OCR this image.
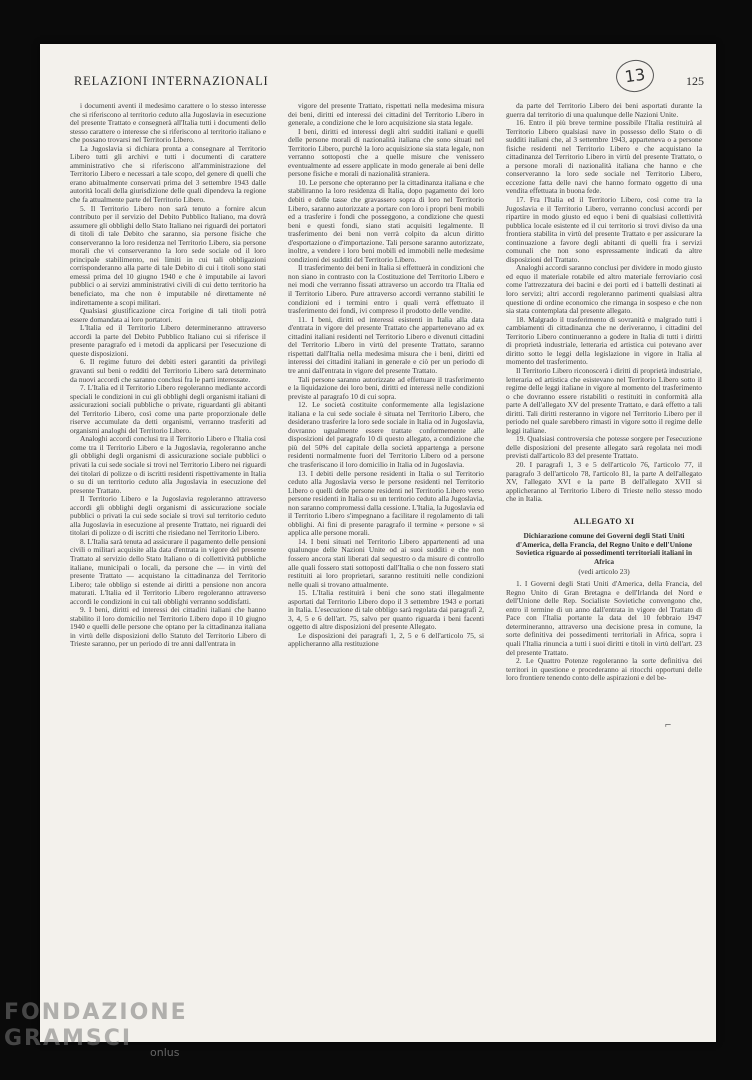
RELAZIONI INTERNAZIONALI	13	125

i documenti aventi il medesimo carattere o lo stesso interesse che si riferiscono al territorio ceduto alla Jugoslavia in esecuzione del presente Trattato e consegnerà all'Italia tutti i documenti dello stesso carattere o interesse che si riferiscono al territorio italiano e che possano trovarsi nel Territorio Libero.

La Jugoslavia si dichiara pronta a consegnare al Territorio Libero tutti gli archivi e tutti i documenti di carattere amministrativo che si riferiscono all'amministrazione del Territorio Libero e necessari a tale scopo, del genere di quelli che erano abitualmente conservati prima del 3 settembre 1943 dalle autorità locali della giurisdizione delle quali dipendeva la regione che fa attualmente parte del Territorio Libero.

5. Il Territorio Libero non sarà tenuto a fornire alcun contributo per il servizio del Debito Pubblico Italiano, ma dovrà assumere gli obblighi dello Stato Italiano nei riguardi dei portatori di titoli di tale Debito che saranno, sia persone fisiche che conserveranno la loro residenza nel Territorio Libero, sia persone morali che vi conserveranno la loro sede sociale od il loro principale stabilimento, nei limiti in cui tali obbligazioni corrisponderanno alla parte di tale Debito di cui i titoli sono stati emessi prima del 10 giugno 1940 e che è imputabile ai lavori pubblici o ai servizi amministrativi civili di cui detto territorio ha beneficiato, ma che non è imputabile né direttamente né indirettamente a scopi militari.

Qualsiasi giustificazione circa l'origine di tali titoli potrà essere domandata ai loro portatori.

L'Italia ed il Territorio Libero determineranno attraverso accordi la parte del Debito Pubblico Italiano cui si riferisce il presente paragrafo ed i metodi da applicarsi per l'esecuzione di queste disposizioni.

6. Il regime futuro dei debiti esteri garantiti da privilegi gravanti sul beni o redditi del Territorio Libero sarà determinato da nuovi accordi che saranno conclusi fra le parti interessate.

7. L'Italia ed il Territorio Libero regoleranno mediante accordi speciali le condizioni in cui gli obblighi degli organismi italiani di assicurazioni sociali pubbliche o private, riguardanti gli abitanti del Territorio Libero, così come una parte proporzionale delle riserve accumulate da detti organismi, verranno trasferiti ad organismi analoghi del Territorio Libero.

Analoghi accordi conclusi tra il Territorio Libero e l'Italia così come tra il Territorio Libero e la Jugoslavia, regoleranno anche gli obblighi degli organismi di assicurazione sociale pubblici o privati la cui sede sociale si trovi nel Territorio Libero nei riguardi dei titolari di polizze o di iscritti residenti rispettivamente in Italia o su di un territorio ceduto alla Jugoslavia in esecuzione del presente Trattato.

Il Territorio Libero e la Jugoslavia regoleranno attraverso accordi gli obblighi degli organismi di assicurazione sociale pubblici o privati la cui sede sociale si trovi sul territorio ceduto alla Jugoslavia in esecuzione al presente Trattato, nei riguardi dei titolari di polizze o di iscritti che risiedano nel Territorio Libero.

8. L'Italia sarà tenuta ad assicurare il pagamento delle pensioni civili o militari acquisite alla data d'entrata in vigore del presente Trattato al servizio dello Stato Italiano o di collettività pubbliche italiane, municipali o locali, da persone che — in virtù del presente Trattato — acquistano la cittadinanza del Territorio Libero; tale obbligo si estende ai diritti a pensione non ancora maturati. L'Italia ed il Territorio Libero regoleranno attraverso accordi le condizioni in cui tali obblighi verranno soddisfatti.

9. I beni, diritti ed interessi dei cittadini italiani che hanno stabilito il loro domicilio nel Territorio Libero dopo il 10 giugno 1940 e quelli delle persone che optano per la cittadinanza italiana in virtù delle disposizioni dello Statuto del Territorio Libero di Trieste saranno, per un periodo di tre anni dall'entrata in

vigore del presente Trattato, rispettati nella medesima misura dei beni, diritti ed interessi dei cittadini del Territorio Libero in generale, a condizione che le loro acquisizione sia stata legale.

I beni, diritti ed interessi degli altri sudditi italiani e quelli delle persone morali di nazionalità italiana che sono situati nel Territorio Libero, purchè la loro acquisizione sia stata legale, non verranno sottoposti che a quelle misure che venissero eventualmente ad essere applicate in modo generale ai beni delle persone fisiche e morali di nazionalità straniera.

10. Le persone che opteranno per la cittadinanza italiana e che stabiliranno la loro residenza di Italia, dopo pagamento dei loro debiti e delle tasse che gravassero sopra di loro nel Territorio Libero, saranno autorizzate a portare con loro i propri beni mobili ed a trasferire i fondi che posseggono, a condizione che questi beni e questi fondi, siano stati acquisiti legalmente. Il trasferimento dei beni non verrà colpito da alcun diritto d'esportazione o d'importazione. Tali persone saranno autorizzate, inoltre, a vendere i loro beni mobili ed immobili nelle medesime condizioni dei sudditi del Territorio Libero.

Il trasferimento dei beni in Italia si effettuerà in condizioni che non siano in contrasto con la Costituzione del Territorio Libero e nei modi che verranno fissati attraverso un accordo tra l'Italia ed il Territorio Libero. Pure attraverso accordi verranno stabiliti le condizioni ed i termini entro i quali verrà effettuato il trasferimento dei fondi, ivi compreso il prodotto delle vendite.

11. I beni, diritti ed interessi esistenti in Italia alla data d'entrata in vigore del presente Trattato che appartenevano ad ex cittadini italiani residenti nel Territorio Libero e divenuti cittadini del Territorio Libero in virtù del presente Trattato, saranno rispettati dall'Italia nella medesima misura che i beni, diritti ed interessi dei cittadini italiani in generale e ciò per un periodo di tre anni dall'entrata in vigore del presente Trattato.

Tali persone saranno autorizzate ad effettuare il trasferimento e la liquidazione dei loro beni, diritti ed interessi nelle condizioni previste al paragrafo 10 di cui sopra.

12. Le società costituite conformemente alla legislazione italiana e la cui sede sociale è situata nel Territorio Libero, che desiderano trasferire la loro sede sociale in Italia od in Jugoslavia, dovranno ugualmente essere trattate conformemente alle disposizioni del paragrafo 10 di questo allegato, a condizione che più del 50% del capitale della società appartenga a persone residenti normalmente fuori del Territorio Libero od a persone che trasferiscano il loro domicilio in Italia od in Jugoslavia.

13. I debiti delle persone residenti in Italia o sul Territorio ceduto alla Jugoslavia verso le persone residenti nel Territorio Libero o quelli delle persone residenti nel Territorio Libero verso persone residenti in Italia o su un territorio ceduto alla Jugoslavia, non saranno compromessi dalla cessione. L'Italia, la Jugoslavia ed il Territorio Libero s'impegnano a facilitare il regolamento di tali obblighi. Ai fini di presente paragrafo il termine « persone » si applica alle persone morali.

14. I beni situati nel Territorio Libero appartenenti ad una qualunque delle Nazioni Unite od ai suoi sudditi e che non fossero ancora stati liberati dal sequestro o da misure di controllo alle quali fossero stati sottoposti dall'Italia o che non fossero stati restituiti ai loro proprietari, saranno restituiti nelle condizioni nelle quali si trovano attualmente.

15. L'Italia restituirà i beni che sono stati illegalmente asportati dal Territorio Libero dopo il 3 settembre 1943 e portati in Italia. L'esecuzione di tale obbligo sarà regolata dai paragrafi 2, 3, 4, 5 e 6 dell'art. 75, salvo per quanto riguarda i beni facenti oggetto di altre disposizioni del presente Allegato.

Le disposizioni dei paragrafi 1, 2, 5 e 6 dell'articolo 75, si applicheranno alla restituzione

da parte del Territorio Libero dei beni asportati durante la guerra dal territorio di una qualunque delle Nazioni Unite.

16. Entro il più breve termine possibile l'Italia restituirà al Territorio Libero qualsiasi nave in possesso dello Stato o di sudditi italiani che, al 3 settembre 1943, apparteneva o a persone fisiche residenti nel Territorio Libero e che acquistano la cittadinanza del Territorio Libero in virtù del presente Trattato, o a persone morali di nazionalità italiana che hanno e che conserveranno la loro sede sociale nel Territorio Libero, eccezione fatta delle navi che hanno formato oggetto di una vendita effettuata in buona fede.

17. Fra l'Italia ed il Territorio Libero, così come tra la Jugoslavia e il Territorio Libero, verranno conclusi accordi per ripartire in modo giusto ed equo i beni di qualsiasi collettività pubblica locale esistente ed il cui territorio si trovi diviso da una frontiera stabilita in virtù del presente Trattato e per assicurare la continuazione a favore degli abitanti di quelli fra i servizi comunali che non sono espressamente indicati da altre disposizioni del Trattato.

Analoghi accordi saranno conclusi per dividere in modo giusto ed equo il materiale rotabile ed altro materiale ferroviario così come l'attrezzatura dei bacini e dei porti ed i battelli destinati ai loro servizi; altri accordi regoleranno parimenti qualsiasi altra questione di ordine economico che rimanga in sospeso e che non sia stata contemplata dal presente allegato.

18. Malgrado il trasferimento di sovranità e malgrado tutti i cambiamenti di cittadinanza che ne deriveranno, i cittadini del Territorio Libero continueranno a godere in Italia di tutti i diritti di proprietà industriale, letteraria ed artistica cui potevano aver diritto sotto le leggi della legislazione in vigore in Italia al momento del trasferimento.

Il Territorio Libero riconoscerà i diritti di proprietà industriale, letteraria ed artistica che esistevano nel Territorio Libero sotto il regime delle leggi italiane in vigore al momento del trasferimento o che dovranno essere ristabiliti o restituiti in conformità alla parte A dell'allegato XV del presente Trattato, e darà effetto a tali diritti. Tali diritti resteranno in vigore nel Territorio Libero per il periodo nel quale sarebbero rimasti in vigore sotto il regime delle leggi italiane.

19. Qualsiasi controversia che potesse sorgere per l'esecuzione delle disposizioni del presente allegato sarà regolata nei modi previsti dall'articolo 83 del presente Trattato.

20. I paragrafi 1, 3 e 5 dell'articolo 76, l'articolo 77, il paragrafo 3 dell'articolo 78, l'articolo 81, la parte A dell'allegato XV, l'allegato XVI e la parte B dell'allegato XVII si applicheranno al Territorio Libero di Trieste nello stesso modo che in Italia.

ALLEGATO XI
Dichiarazione comune dei Governi degli Stati Uniti d'America, della Francia, del Regno Unito e dell'Unione Sovietica riguardo ai possedimenti territoriali italiani in Africa
(vedi articolo 23)

1. I Governi degli Stati Uniti d'America, della Francia, del Regno Unito di Gran Bretagna e dell'Irlanda del Nord e dell'Unione delle Rep. Socialiste Sovietiche convengono che, entro il termine di un anno dall'entrata in vigore del Trattato di Pace con l'Italia portante la data del 10 febbraio 1947 determineranno, attraverso una decisione presa in comune, la sorte definitiva dei possedimenti territoriali in Africa, sopra i quali l'Italia rinuncia a tutti i suoi diritti e titoli in virtù dell'art. 23 del presente Trattato.

2. Le Quattro Potenze regoleranno la sorte definitiva dei territori in questione e procederanno ai ritocchi opportuni delle loro frontiere tenendo conto delle aspirazioni e del be-

⌐
FONDAZIONE
GRAMSCI
onlus
